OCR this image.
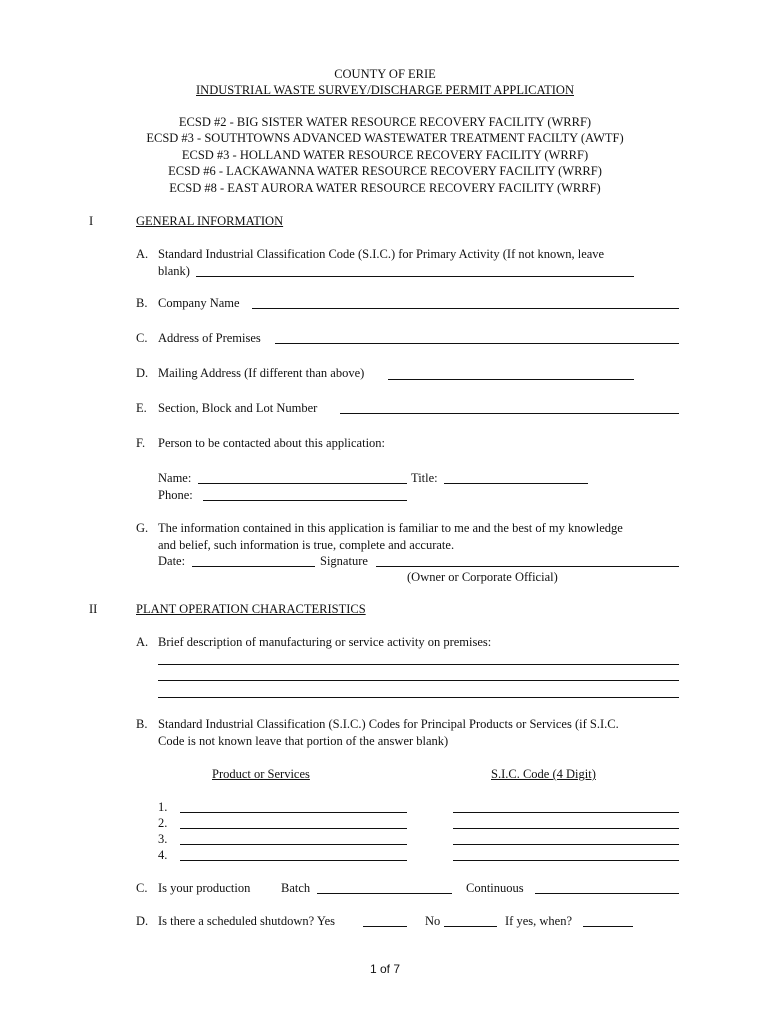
COUNTY OF ERIE
INDUSTRIAL WASTE SURVEY/DISCHARGE PERMIT APPLICATION
ECSD #2 - BIG SISTER WATER RESOURCE RECOVERY FACILITY (WRRF)
ECSD #3 - SOUTHTOWNS ADVANCED WASTEWATER TREATMENT FACILTY (AWTF)
ECSD #3 - HOLLAND WATER RESOURCE RECOVERY FACILITY (WRRF)
ECSD #6 - LACKAWANNA WATER RESOURCE RECOVERY FACILITY (WRRF)
ECSD #8 - EAST AURORA WATER RESOURCE RECOVERY FACILITY (WRRF)
I	GENERAL INFORMATION
A. Standard Industrial Classification Code (S.I.C.) for Primary Activity (If not known, leave
blank)
B. Company Name
C. Address of Premises
D. Mailing Address (If different than above)
E. Section, Block and Lot Number
F. Person to be contacted about this application:
Name:	Title:
Phone:
G. The information contained in this application is familiar to me and the best of my knowledge
and belief, such information is true, complete and accurate.
Date:	Signature
(Owner or Corporate Official)
II	PLANT OPERATION CHARACTERISTICS
A. Brief description of manufacturing or service activity on premises:
B. Standard Industrial Classification (S.I.C.) Codes for Principal Products or Services (if S.I.C.
Code is not known leave that portion of the answer blank)
Product or Services	S.I.C. Code (4 Digit)
1.
2.
3.
4.
C. Is your production Batch	Continuous
D. Is there a scheduled shutdown? Yes	No	If yes, when?
1 of 7
